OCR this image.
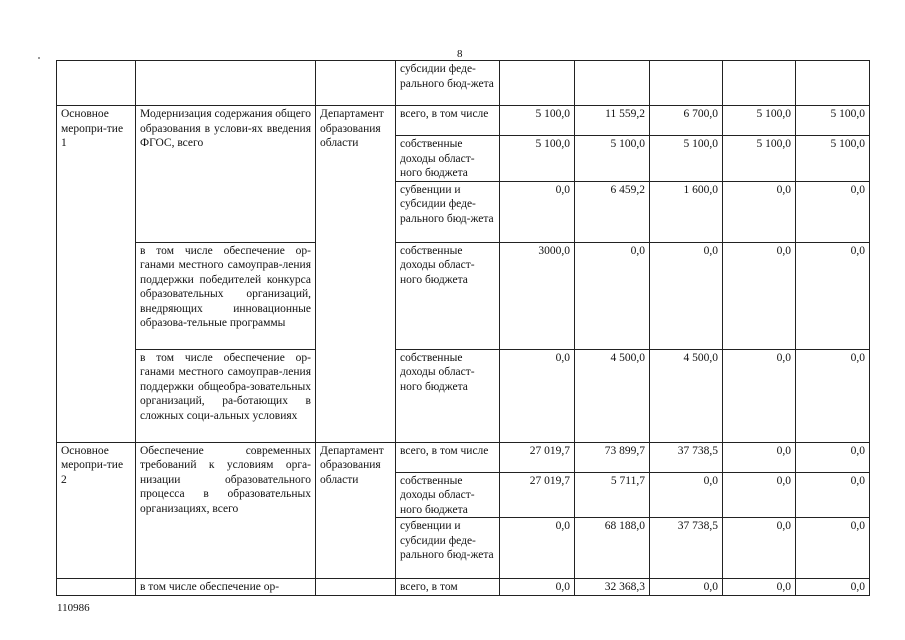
8
			субсидии феде-ральногo бюд-жета					
Основное меропри-тие 1	Модернизация содержания общего образования в услови-ях введения ФГОС, всего	Департамент образования области	всего, в том числе	5 100,0	11 559,2	6 700,0	5 100,0	5 100,0
			собственные доходы област-ного бюджета	5 100,0	5 100,0	5 100,0	5 100,0	5 100,0
			субвенции и субсидии феде-рального бюд-жета	0,0	6 459,2	1 600,0	0,0	0,0
	в том числе обеспечение ор-ганами местного самоуправ-ления поддержки победителей конкурса образовательных организаций, внедряющих инновационные образова-тельные программы		собственные доходы област-ного бюджета	3000,0	0,0	0,0	0,0	0,0
	в том числе обеспечение ор-ганами местного самоуправ-ления поддержки общеобра-зовательных организаций, ра-ботающих в сложных соци-альных условиях		собственные доходы област-ного бюджета	0,0	4 500,0	4 500,0	0,0	0,0
Основное меропри-тие 2	Обеспечение современных требований к условиям орга-низации образовательного процесса в образовательных организациях, всего	Департамент образования области	всего, в том числе	27 019,7	73 899,7	37 738,5	0,0	0,0
			собственные доходы област-ного бюджета	27 019,7	5 711,7	0,0	0,0	0,0
			субвенции и субсидии феде-рального бюд-жета	0,0	68 188,0	37 738,5	0,0	0,0
	в том числе обеспечение ор-		всего, в том	0,0	32 368,3	0,0	0,0	0,0
110986
